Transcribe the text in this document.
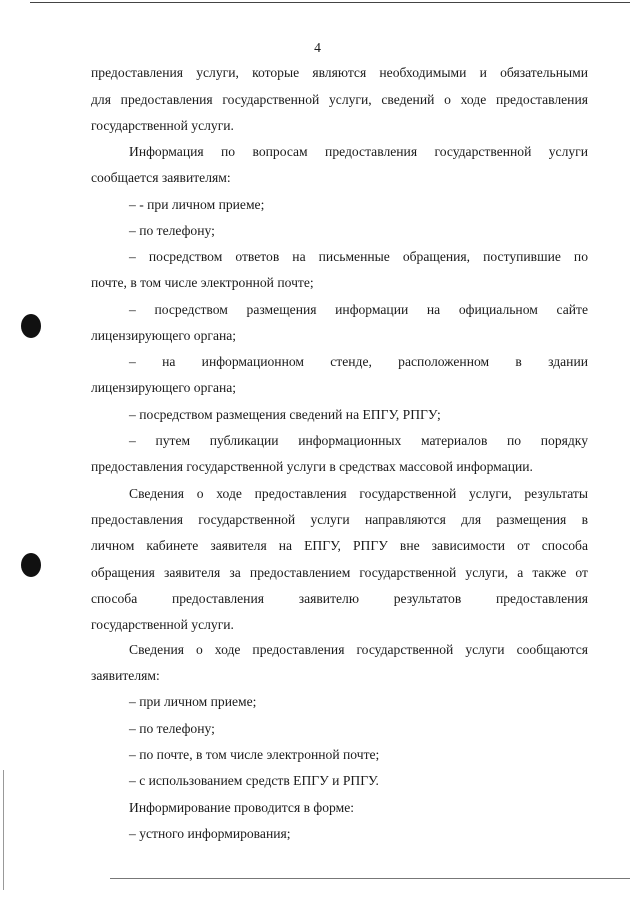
4
предоставления услуги, которые являются необходимыми и обязательными
для предоставления государственной услуги, сведений о ходе предоставления
государственной услуги.
Информация по вопросам предоставления государственной услуги
сообщается заявителям:
– - при личном приеме;
– по телефону;
– посредством ответов на письменные обращения, поступившие по
почте, в том числе электронной почте;
– посредством размещения информации на официальном сайте
лицензирующего органа;
– на информационном стенде, расположенном в здании
лицензирующего органа;
– посредством размещения сведений на ЕПГУ, РПГУ;
– путем публикации информационных материалов по порядку
предоставления государственной услуги в средствах массовой информации.
Сведения о ходе предоставления государственной услуги, результаты
предоставления государственной услуги направляются для размещения в
личном кабинете заявителя на ЕПГУ, РПГУ вне зависимости от способа
обращения заявителя за предоставлением государственной услуги, а также от
способа предоставления заявителю результатов предоставления
государственной услуги.
Сведения о ходе предоставления государственной услуги сообщаются
заявителям:
– при личном приеме;
– по телефону;
– по почте, в том числе электронной почте;
– с использованием средств ЕПГУ и РПГУ.
Информирование проводится в форме:
– устного информирования;
